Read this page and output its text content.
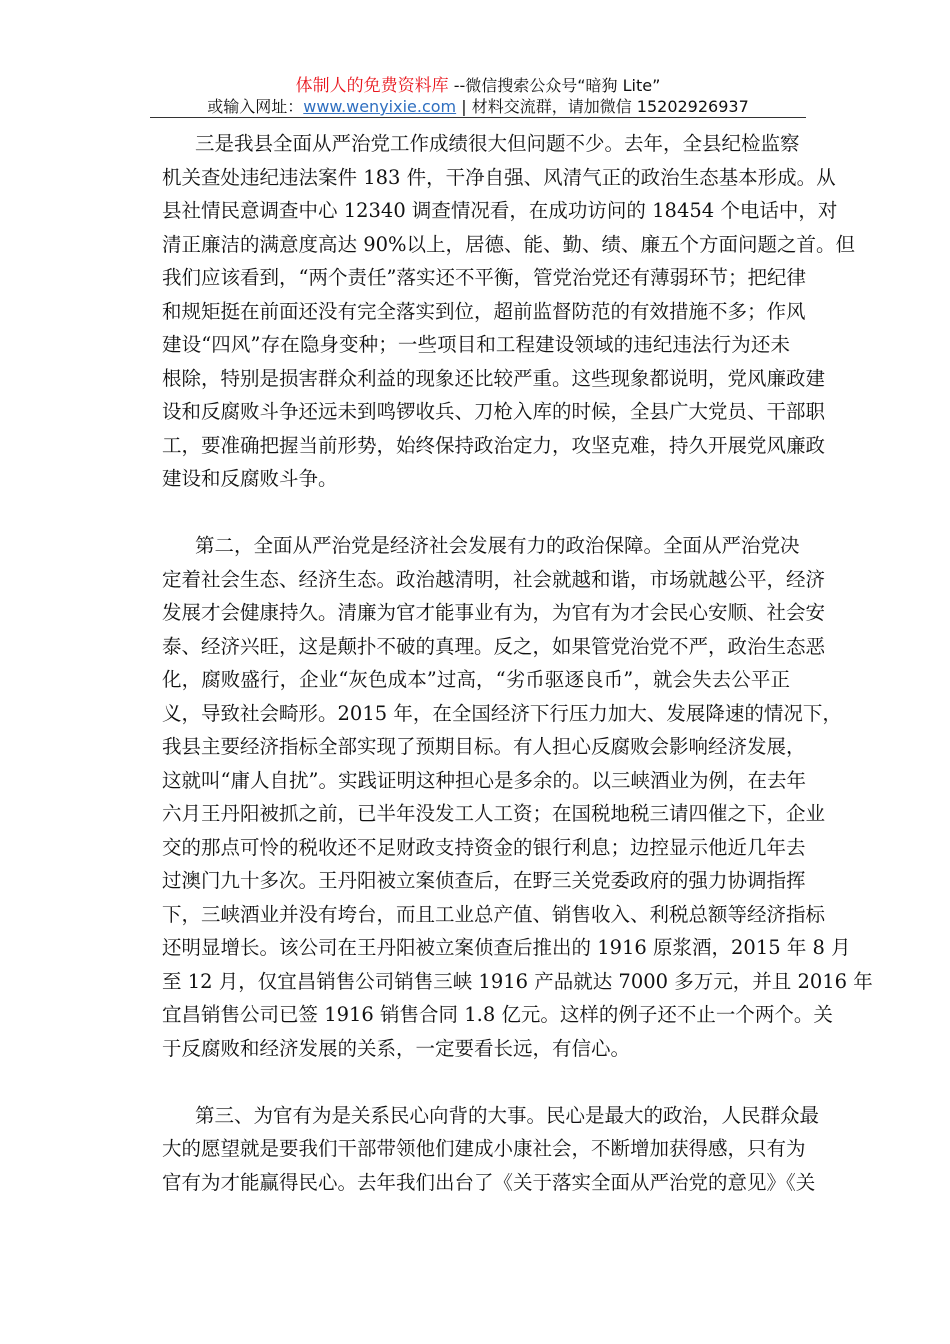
体制人的免费资料库 --微信搜索公众号“暗狗 Lite”
或输入网址：www.wenyixie.com | 材料交流群，请加微信 15202926937
三是我县全面从严治党工作成绩很大但问题不少。去年，全县纪检监察
机关查处违纪违法案件 183 件，干净自强、风清气正的政治生态基本形成。从
县社情民意调查中心 12340 调查情况看，在成功访问的 18454 个电话中，对
清正廉洁的满意度高达 90%以上，居德、能、勤、绩、廉五个方面问题之首。但
我们应该看到，“两个责任”落实还不平衡，管党治党还有薄弱环节；把纪律
和规矩挺在前面还没有完全落实到位，超前监督防范的有效措施不多；作风
建设“四风”存在隐身变种；一些项目和工程建设领域的违纪违法行为还未
根除，特别是损害群众利益的现象还比较严重。这些现象都说明，党风廉政建
设和反腐败斗争还远未到鸣锣收兵、刀枪入库的时候，全县广大党员、干部职
工，要准确把握当前形势，始终保持政治定力，攻坚克难，持久开展党风廉政
建设和反腐败斗争。
第二，全面从严治党是经济社会发展有力的政治保障。全面从严治党决
定着社会生态、经济生态。政治越清明，社会就越和谐，市场就越公平，经济
发展才会健康持久。清廉为官才能事业有为，为官有为才会民心安顺、社会安
泰、经济兴旺，这是颠扑不破的真理。反之，如果管党治党不严，政治生态恶
化，腐败盛行，企业“灰色成本”过高，“劣币驱逐良币”，就会失去公平正
义，导致社会畸形。2015 年，在全国经济下行压力加大、发展降速的情况下，
我县主要经济指标全部实现了预期目标。有人担心反腐败会影响经济发展，
这就叫“庸人自扰”。实践证明这种担心是多余的。以三峡酒业为例，在去年
六月王丹阳被抓之前，已半年没发工人工资；在国税地税三请四催之下，企业
交的那点可怜的税收还不足财政支持资金的银行利息；边控显示他近几年去
过澳门九十多次。王丹阳被立案侦查后，在野三关党委政府的强力协调指挥
下，三峡酒业并没有垮台，而且工业总产值、销售收入、利税总额等经济指标
还明显增长。该公司在王丹阳被立案侦查后推出的 1916 原浆酒，2015 年 8 月
至 12 月，仅宜昌销售公司销售三峡 1916 产品就达 7000 多万元，并且 2016 年
宜昌销售公司已签 1916 销售合同 1.8 亿元。这样的例子还不止一个两个。关
于反腐败和经济发展的关系，一定要看长远，有信心。
第三、为官有为是关系民心向背的大事。民心是最大的政治，人民群众最
大的愿望就是要我们干部带领他们建成小康社会，不断增加获得感，只有为
官有为才能赢得民心。去年我们出台了《关于落实全面从严治党的意见》《关
